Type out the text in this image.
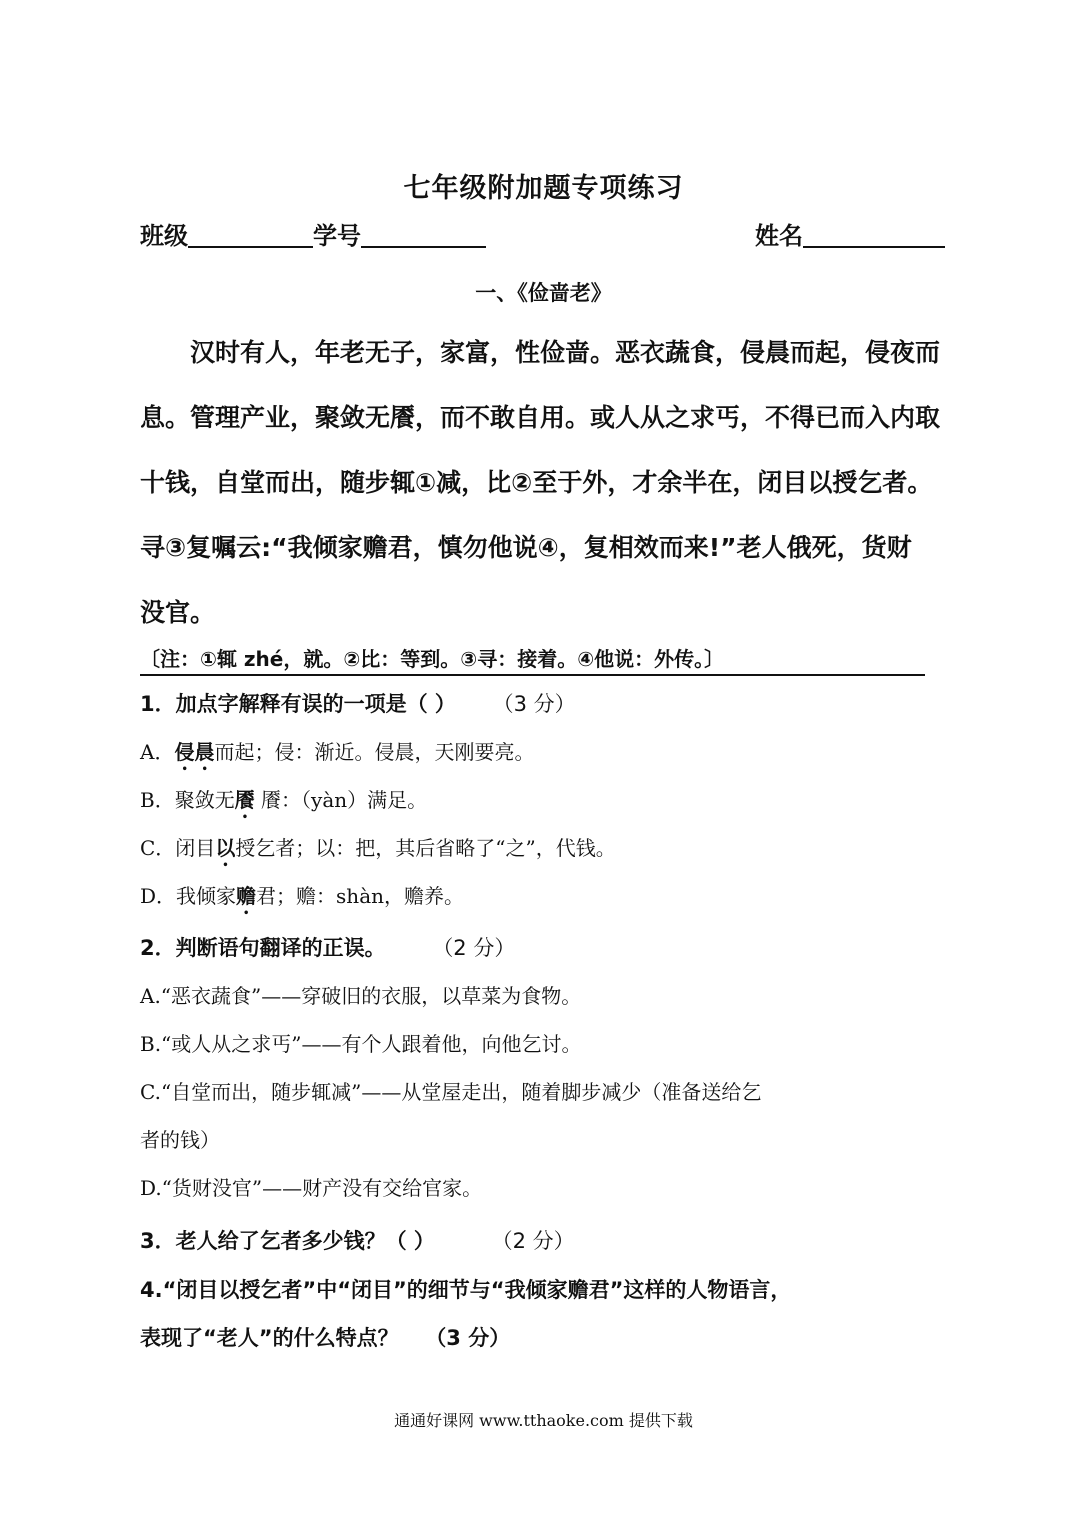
七年级附加题专项练习
班级	学号	姓名
一、《俭啬老》

汉时有人，年老无子，家富，性俭啬。恶衣蔬食，侵晨而起，侵夜而

息。管理产业，聚敛无餍，而不敢自用。或人从之求丐，不得已而入内取
十钱，自堂而出，随步辄①减，比②至于外，才余半在，闭目以授乞者。
寻③复嘱云:“我倾家赡君，慎勿他说④，复相效而来!”老人俄死，货财
没官。
〔注：①辄 zhé，就。②比：等到。③寻：接着。④他说：外传。〕
1．加点字解释有误的一项是（ ） （3 分）
A．侵晨而起；侵：渐近。侵晨，天刚要亮。
B．聚敛无餍 餍：（yàn）满足。
C．闭目以授乞者；以：把，其后省略了“之”，代钱。
D．我倾家赡君；赡：shàn，赡养。
2．判断语句翻译的正误。 （2 分）
A.“恶衣蔬食”——穿破旧的衣服，以草菜为食物。
B.“或人从之求丐”——有个人跟着他，向他乞讨。
C.“自堂而出，随步辄减”——从堂屋走出，随着脚步减少（准备送给乞
者的钱）
D.“货财没官”——财产没有交给官家。
3．老人给了乞者多少钱？（ ）	（2 分）
4.“闭目以授乞者”中“闭目”的细节与“我倾家赡君”这样的人物语言，
表现了“老人”的什么特点？ （3 分）
通通好课网 www.tthaoke.com 提供下载
